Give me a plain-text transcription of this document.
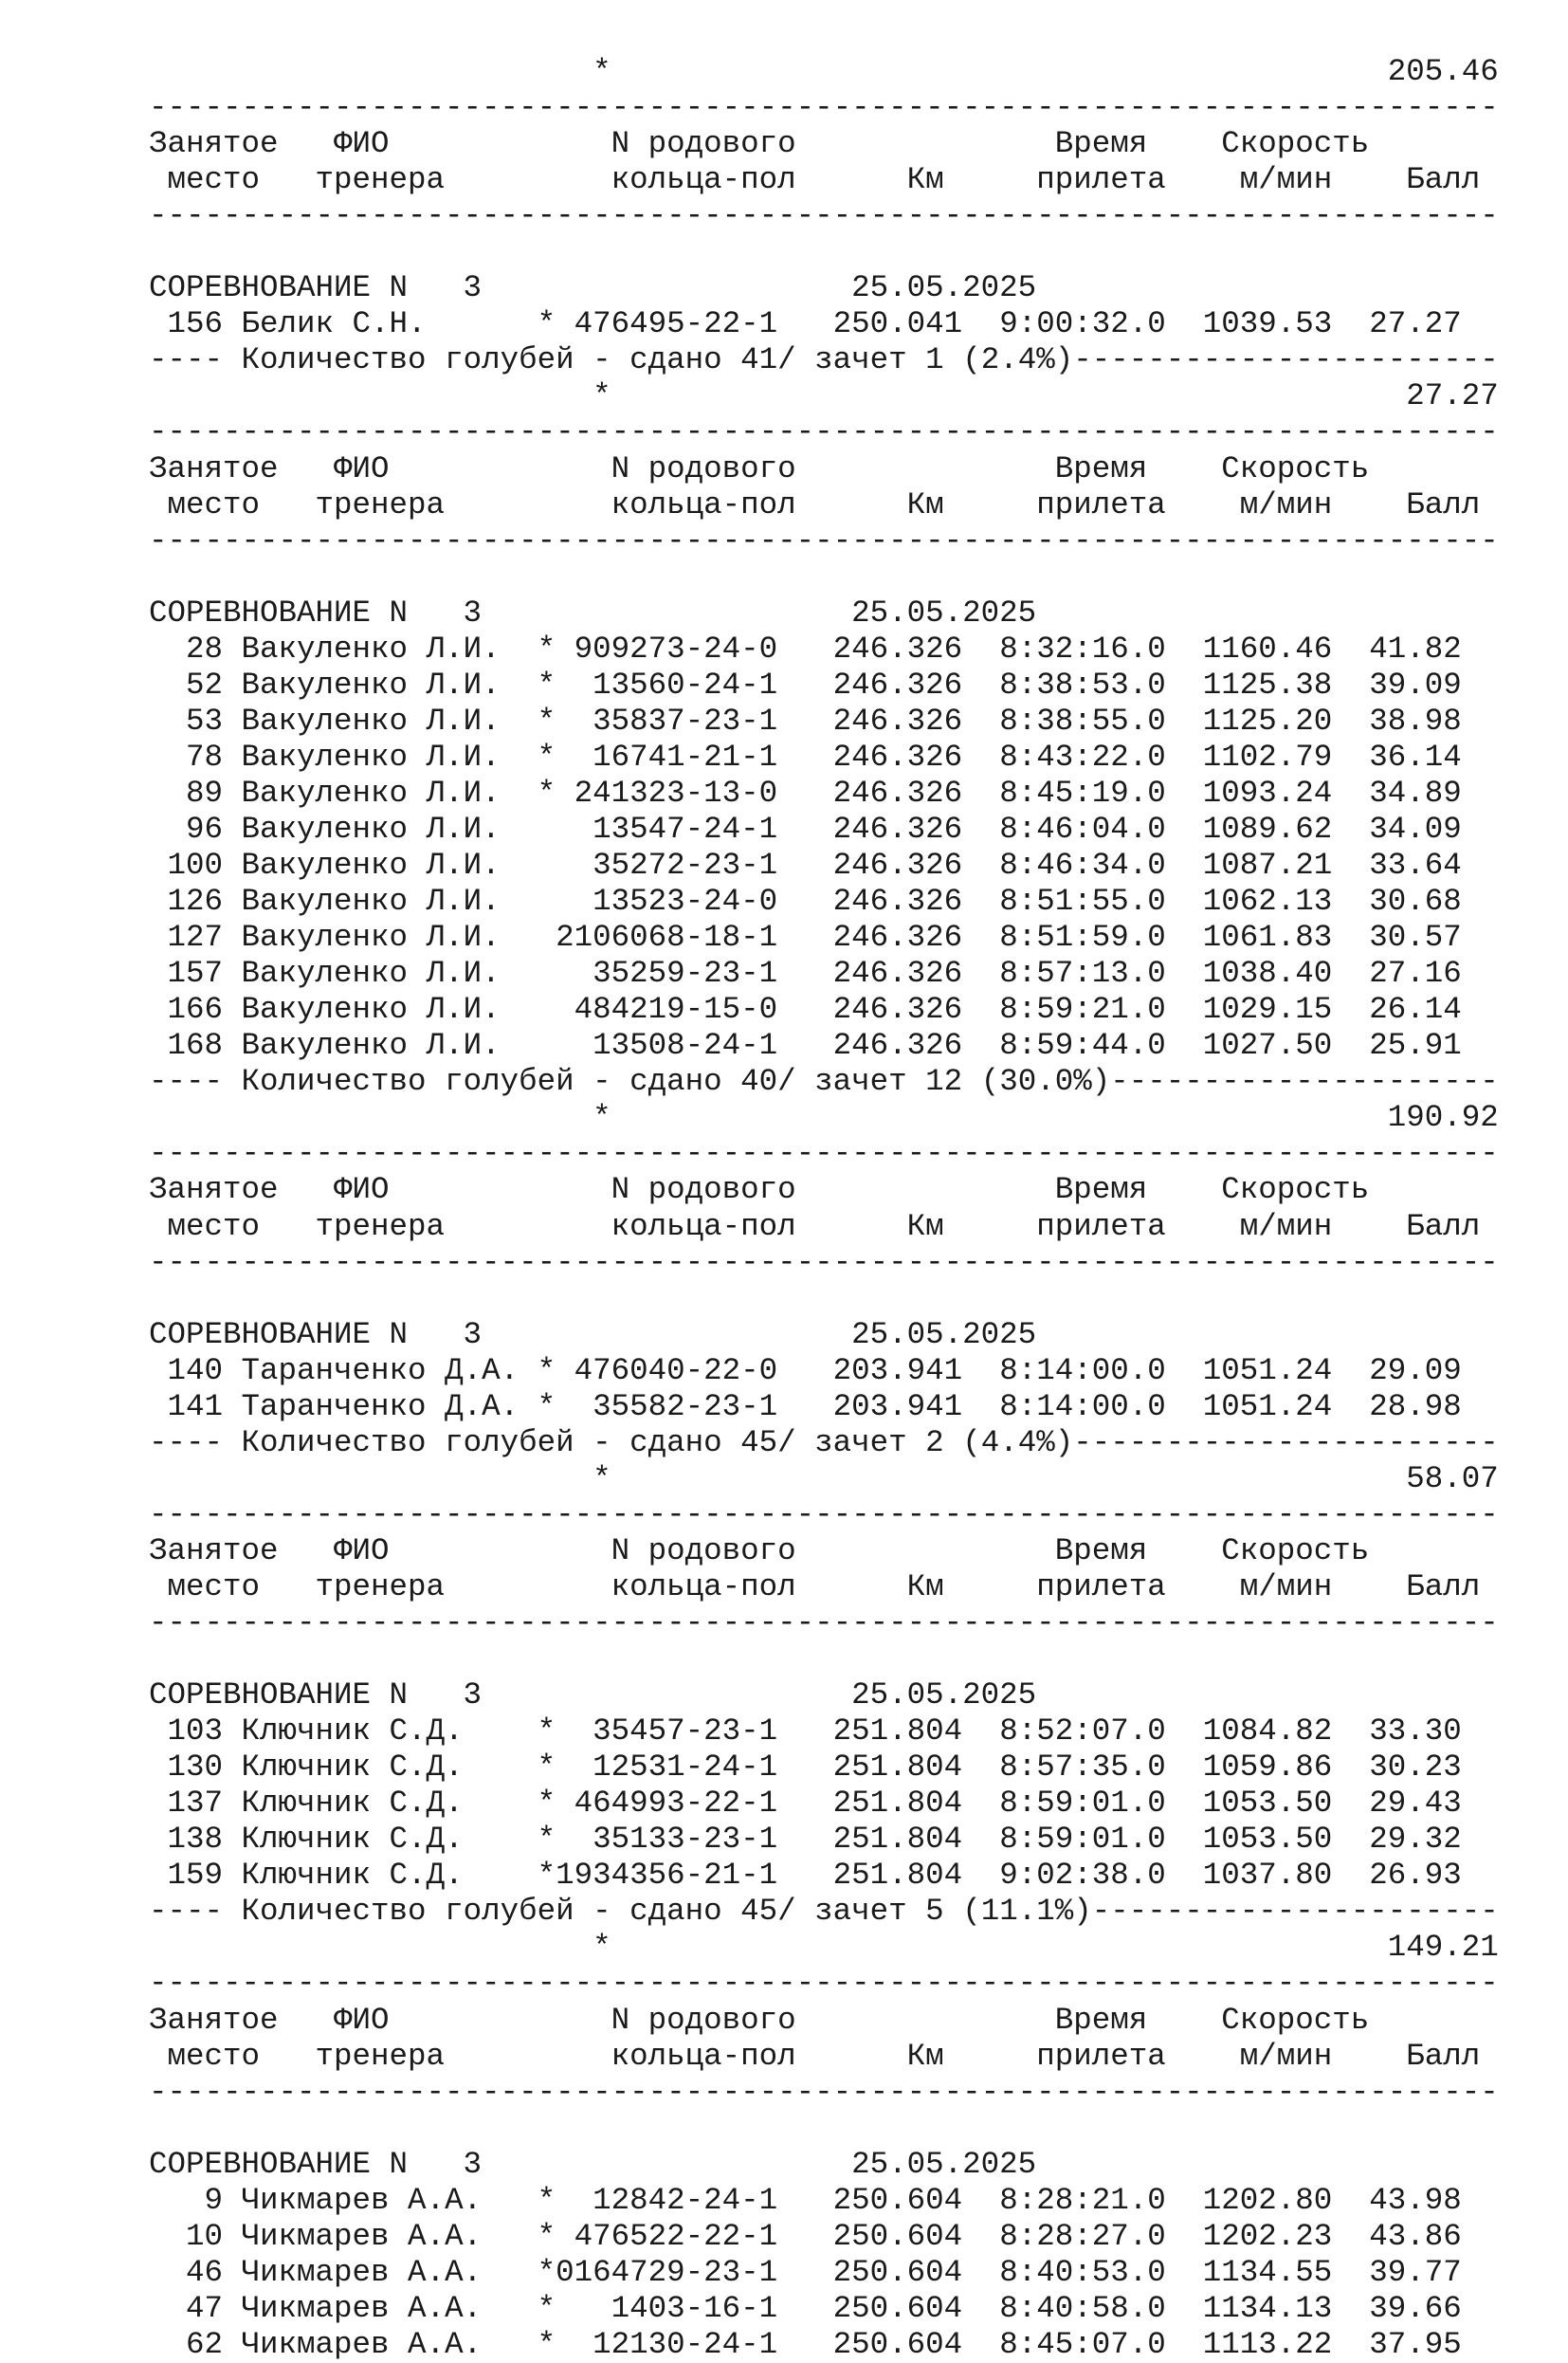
*                                          205.46
-------------------------------------------------------------------------
Занятое   ФИО            N родового              Время    Скорость
место   тренера         кольца-пол      Км     прилета    м/мин    Балл
-------------------------------------------------------------------------

СОРЕВНОВАНИЕ N   3                    25.05.2025
156 Белик С.Н.      * 476495-22-1   250.041  9:00:32.0  1039.53  27.27
---- Количество голубей - сдано 41/ зачет 1 (2.4%)-----------------------
*                                           27.27
-------------------------------------------------------------------------
Занятое   ФИО            N родового              Время    Скорость
место   тренера         кольца-пол      Км     прилета    м/мин    Балл
-------------------------------------------------------------------------

СОРЕВНОВАНИЕ N   3                    25.05.2025
28 Вакуленко Л.И.  * 909273-24-0   246.326  8:32:16.0  1160.46  41.82
52 Вакуленко Л.И.  *  13560-24-1   246.326  8:38:53.0  1125.38  39.09
53 Вакуленко Л.И.  *  35837-23-1   246.326  8:38:55.0  1125.20  38.98
78 Вакуленко Л.И.  *  16741-21-1   246.326  8:43:22.0  1102.79  36.14
89 Вакуленко Л.И.  * 241323-13-0   246.326  8:45:19.0  1093.24  34.89
96 Вакуленко Л.И.     13547-24-1   246.326  8:46:04.0  1089.62  34.09
100 Вакуленко Л.И.     35272-23-1   246.326  8:46:34.0  1087.21  33.64
126 Вакуленко Л.И.     13523-24-0   246.326  8:51:55.0  1062.13  30.68
127 Вакуленко Л.И.   2106068-18-1   246.326  8:51:59.0  1061.83  30.57
157 Вакуленко Л.И.     35259-23-1   246.326  8:57:13.0  1038.40  27.16
166 Вакуленко Л.И.    484219-15-0   246.326  8:59:21.0  1029.15  26.14
168 Вакуленко Л.И.     13508-24-1   246.326  8:59:44.0  1027.50  25.91
---- Количество голубей - сдано 40/ зачет 12 (30.0%)---------------------
*                                          190.92
-------------------------------------------------------------------------
Занятое   ФИО            N родового              Время    Скорость
место   тренера         кольца-пол      Км     прилета    м/мин    Балл
-------------------------------------------------------------------------

СОРЕВНОВАНИЕ N   3                    25.05.2025
140 Таранченко Д.А. * 476040-22-0   203.941  8:14:00.0  1051.24  29.09
141 Таранченко Д.А. *  35582-23-1   203.941  8:14:00.0  1051.24  28.98
---- Количество голубей - сдано 45/ зачет 2 (4.4%)-----------------------
*                                           58.07
-------------------------------------------------------------------------
Занятое   ФИО            N родового              Время    Скорость
место   тренера         кольца-пол      Км     прилета    м/мин    Балл
-------------------------------------------------------------------------

СОРЕВНОВАНИЕ N   3                    25.05.2025
103 Ключник С.Д.    *  35457-23-1   251.804  8:52:07.0  1084.82  33.30
130 Ключник С.Д.    *  12531-24-1   251.804  8:57:35.0  1059.86  30.23
137 Ключник С.Д.    * 464993-22-1   251.804  8:59:01.0  1053.50  29.43
138 Ключник С.Д.    *  35133-23-1   251.804  8:59:01.0  1053.50  29.32
159 Ключник С.Д.    *1934356-21-1   251.804  9:02:38.0  1037.80  26.93
---- Количество голубей - сдано 45/ зачет 5 (11.1%)----------------------
*                                          149.21
-------------------------------------------------------------------------
Занятое   ФИО            N родового              Время    Скорость
место   тренера         кольца-пол      Км     прилета    м/мин    Балл
-------------------------------------------------------------------------

СОРЕВНОВАНИЕ N   3                    25.05.2025
9 Чикмарев А.А.   *  12842-24-1   250.604  8:28:21.0  1202.80  43.98
10 Чикмарев А.А.   * 476522-22-1   250.604  8:28:27.0  1202.23  43.86
46 Чикмарев А.А.   *0164729-23-1   250.604  8:40:53.0  1134.55  39.77
47 Чикмарев А.А.   *   1403-16-1   250.604  8:40:58.0  1134.13  39.66
62 Чикмарев А.А.   *  12130-24-1   250.604  8:45:07.0  1113.22  37.95
